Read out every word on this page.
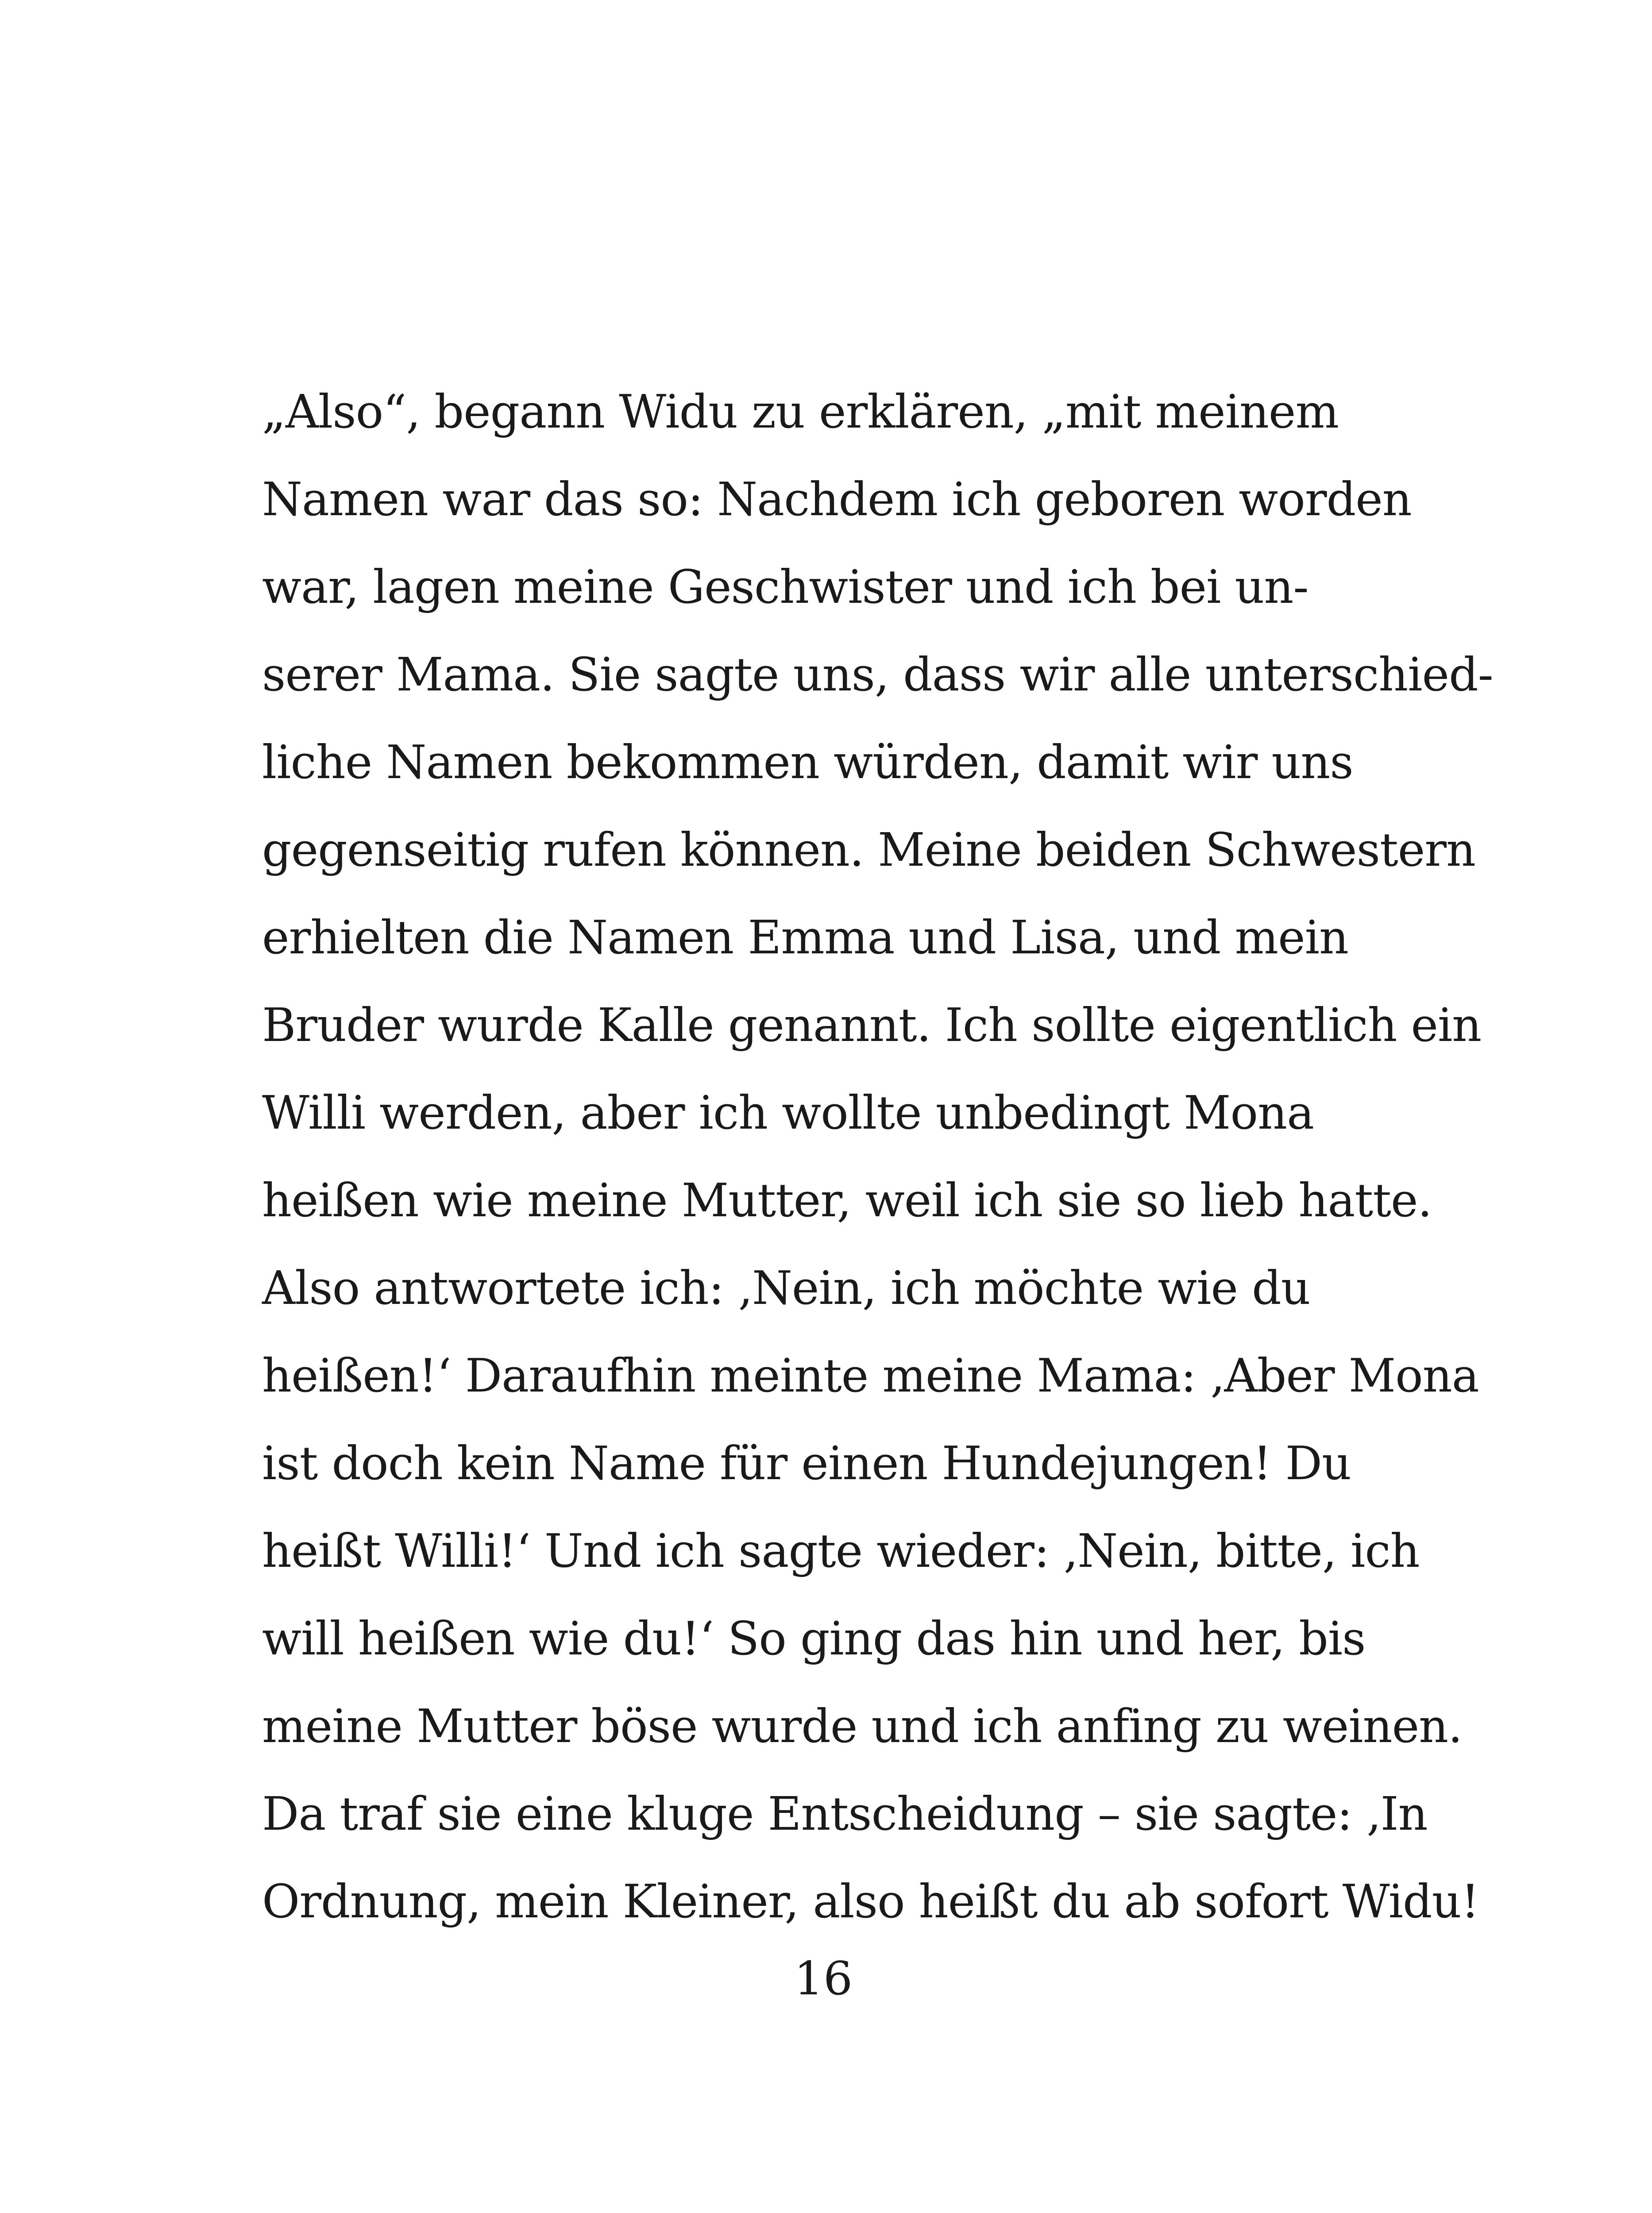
„Also“, begann Widu zu erklären, „mit meinem
Namen war das so: Nachdem ich geboren worden
war, lagen meine Geschwister und ich bei un-
serer Mama. Sie sagte uns, dass wir alle unterschied-
liche Namen bekommen würden, damit wir uns
gegenseitig rufen können. Meine beiden Schwestern
erhielten die Namen Emma und Lisa, und mein
Bruder wurde Kalle genannt. Ich sollte eigentlich ein
Willi werden, aber ich wollte unbedingt Mona
heißen wie meine Mutter, weil ich sie so lieb hatte.
Also antwortete ich: ‚Nein, ich möchte wie du
heißen!‘ Daraufhin meinte meine Mama: ‚Aber Mona
ist doch kein Name für einen Hundejungen! Du
heißt Willi!‘ Und ich sagte wieder: ‚Nein, bitte, ich
will heißen wie du!‘ So ging das hin und her, bis
meine Mutter böse wurde und ich anfing zu weinen.
Da traf sie eine kluge Entscheidung – sie sagte: ‚In
Ordnung, mein Kleiner, also heißt du ab sofort Widu!
16
